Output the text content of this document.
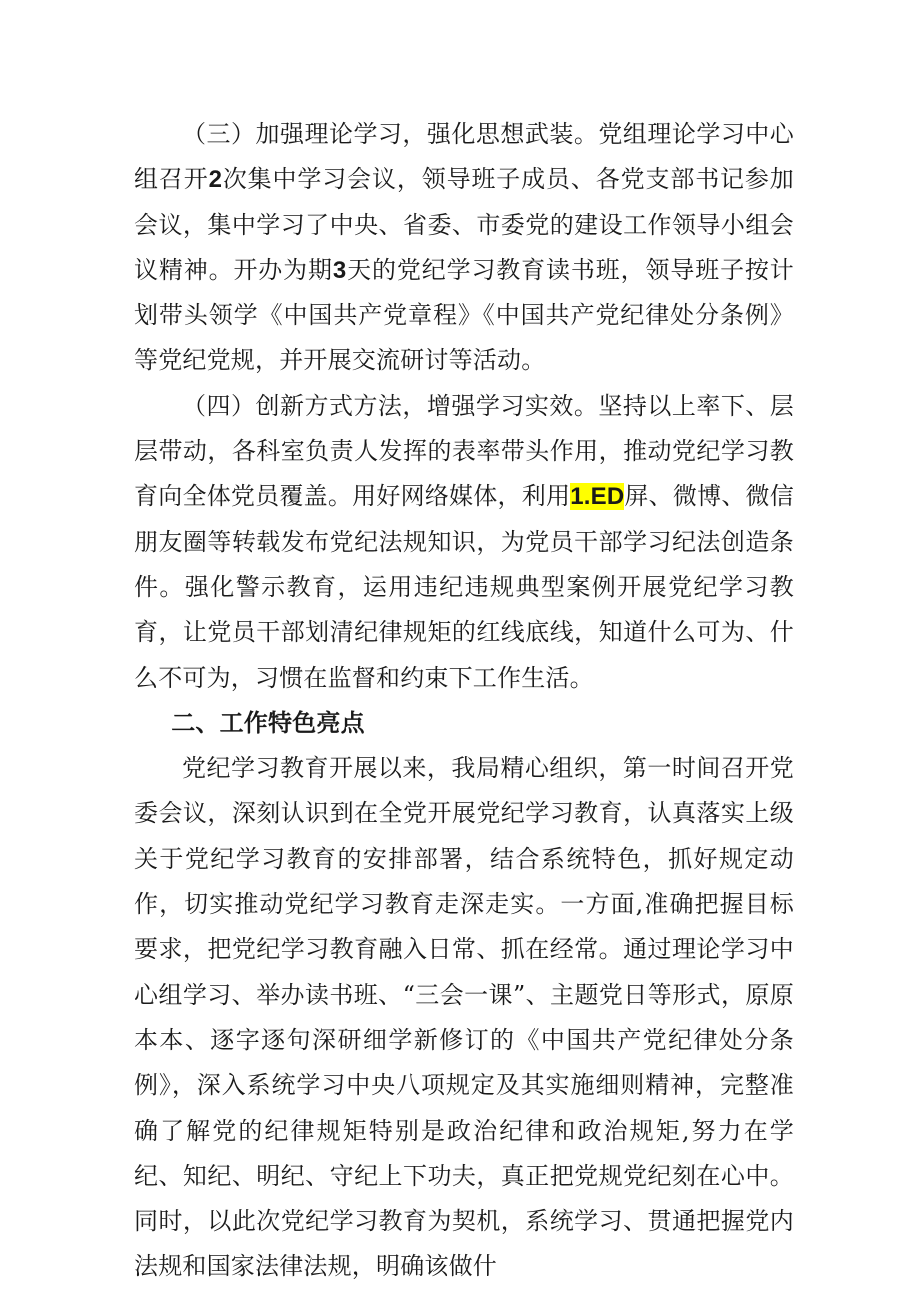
（三）加强理论学习，强化思想武装。党组理论学习中心组召开2次集中学习会议，领导班子成员、各党支部书记参加会议，集中学习了中央、省委、市委党的建设工作领导小组会议精神。开办为期3天的党纪学习教育读书班，领导班子按计划带头领学《中国共产党章程》《中国共产党纪律处分条例》等党纪党规，并开展交流研讨等活动。

（四）创新方式方法，增强学习实效。坚持以上率下、层层带动，各科室负责人发挥的表率带头作用，推动党纪学习教育向全体党员覆盖。用好网络媒体，利用1.ED屏、微博、微信朋友圈等转载发布党纪法规知识，为党员干部学习纪法创造条件。强化警示教育，运用违纪违规典型案例开展党纪学习教育，让党员干部划清纪律规矩的红线底线，知道什么可为、什么不可为，习惯在监督和约束下工作生活。

二、工作特色亮点

党纪学习教育开展以来，我局精心组织，第一时间召开党委会议，深刻认识到在全党开展党纪学习教育，认真落实上级关于党纪学习教育的安排部署，结合系统特色，抓好规定动作，切实推动党纪学习教育走深走实。一方面,准确把握目标要求，把党纪学习教育融入日常、抓在经常。通过理论学习中心组学习、举办读书班、“三会一课”、主题党日等形式，原原本本、逐字逐句深研细学新修订的《中国共产党纪律处分条例》，深入系统学习中央八项规定及其实施细则精神，完整准确了解党的纪律规矩特别是政治纪律和政治规矩,努力在学纪、知纪、明纪、守纪上下功夫，真正把党规党纪刻在心中。同时，以此次党纪学习教育为契机，系统学习、贯通把握党内法规和国家法律法规，明确该做什
